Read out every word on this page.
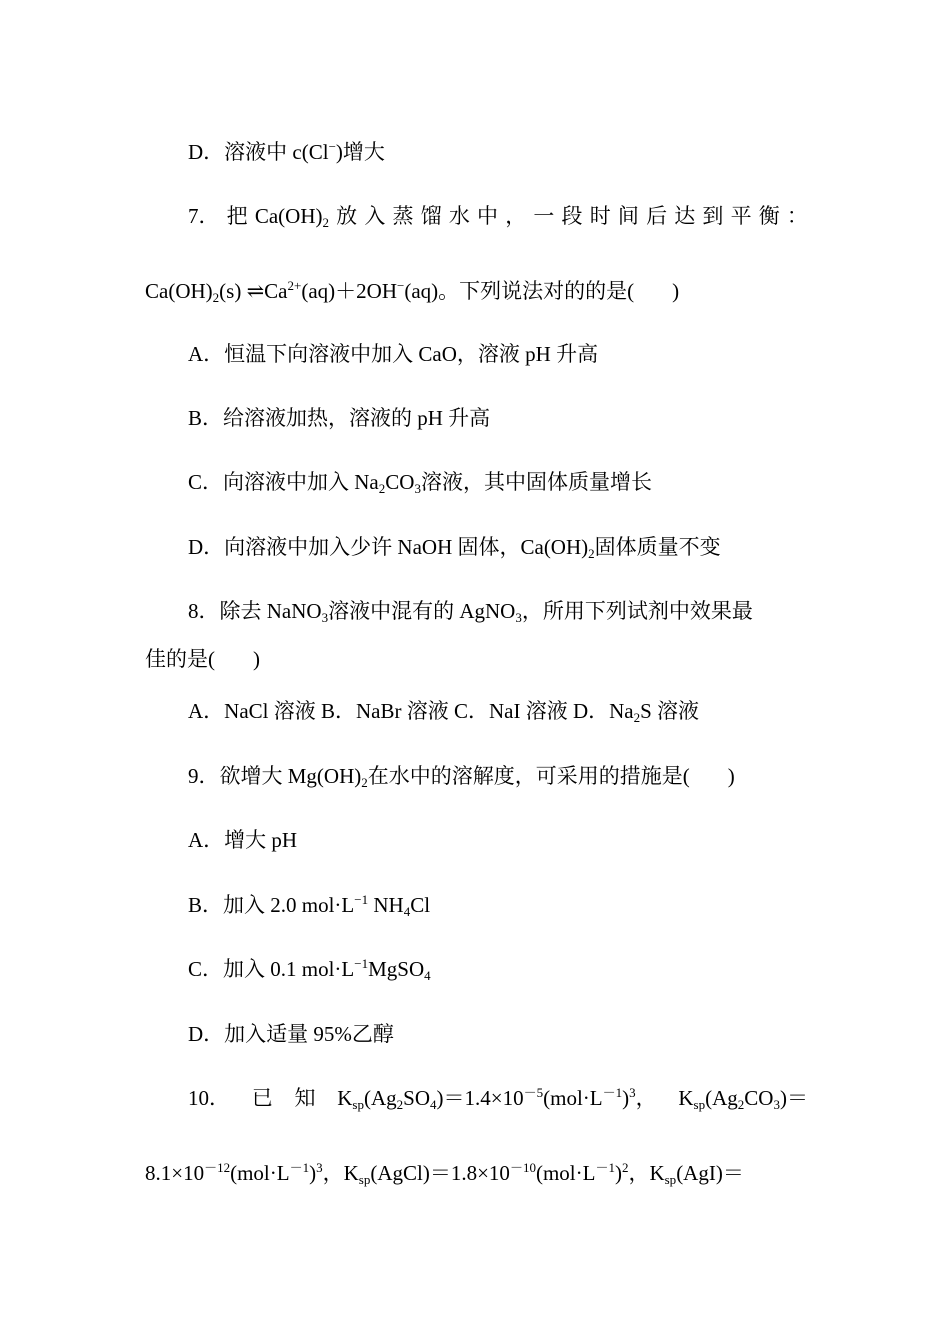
D．溶液中 c(Cl−)增大
7． 把 $Ca(OH)_2$ 放 入 蒸 馏 水 中 ， 一 段 时 间 后 达 到 平 衡 ：
$Ca(OH)_2(s)$ $\rightleftharpoons Ca^{2+}(aq)+2OH^-(aq)$。下列说法对的的是( )
A．恒温下向溶液中加入 CaO，溶液 pH 升高
B．给溶液加热，溶液的 pH 升高
C．向溶液中加入 $Na_2CO_3$溶液，其中固体质量增长
D．向溶液中加入少许 NaOH 固体，$Ca(OH)_2$固体质量不变
8．除去 NaNO$_3$溶液中混有的 AgNO$_3$，所用下列试剂中效果最
佳的是( )
A．NaCl 溶液 B．NaBr 溶液 C．NaI 溶液 D．$Na_2S$ 溶液
9．欲增大 $Mg(OH)_2$在水中的溶解度，可采用的措施是( )
A．增大 pH
B．加入 2.0 $mol\cdot L^{-1}$ $NH_4Cl$
C．加入 0.1 $mol\cdot L^{-1}MgSO_4$
D．加入适量 95%乙醇
10． 已 知 $K_{sp}(Ag_2SO_4)=1.4\times 10^{-5}(mol\cdot L^{-1})^3$， $K_{sp}(Ag_2CO_3)=$
$8.1\times 10^{-12}(mol\cdot L^{-1})^3$，$K_{sp}(AgCl)=1.8\times 10^{-10}(mol\cdot L^{-1})^2$，$K_{sp}(AgI)=$
